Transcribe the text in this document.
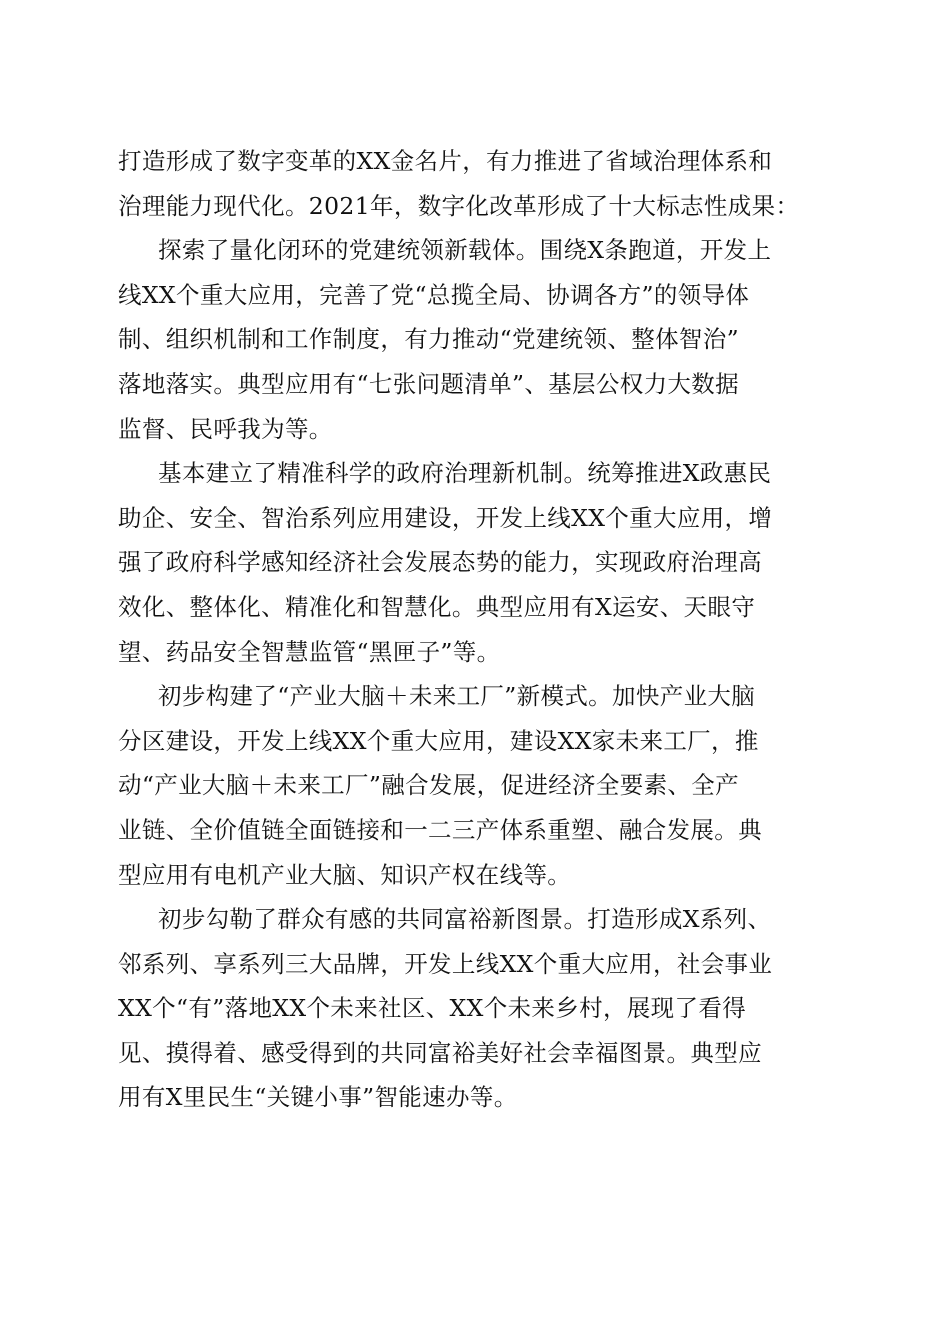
打造形成了数字变革的XX金名片，有力推进了省域治理体系和
治理能力现代化。2021年，数字化改革形成了十大标志性成果：
探索了量化闭环的党建统领新载体。围绕X条跑道，开发上
线XX个重大应用，完善了党“总揽全局、协调各方”的领导体
制、组织机制和工作制度，有力推动“党建统领、整体智治”
落地落实。典型应用有“七张问题清单”、基层公权力大数据
监督、民呼我为等。
基本建立了精准科学的政府治理新机制。统筹推进X政惠民
助企、安全、智治系列应用建设，开发上线XX个重大应用，增
强了政府科学感知经济社会发展态势的能力，实现政府治理高
效化、整体化、精准化和智慧化。典型应用有X运安、天眼守
望、药品安全智慧监管“黑匣子”等。
初步构建了“产业大脑＋未来工厂”新模式。加快产业大脑
分区建设，开发上线XX个重大应用，建设XX家未来工厂，推
动“产业大脑＋未来工厂”融合发展，促进经济全要素、全产
业链、全价值链全面链接和一二三产体系重塑、融合发展。典
型应用有电机产业大脑、知识产权在线等。
初步勾勒了群众有感的共同富裕新图景。打造形成X系列、
邻系列、享系列三大品牌，开发上线XX个重大应用，社会事业
XX个“有”落地XX个未来社区、XX个未来乡村，展现了看得
见、摸得着、感受得到的共同富裕美好社会幸福图景。典型应
用有X里民生“关键小事”智能速办等。
